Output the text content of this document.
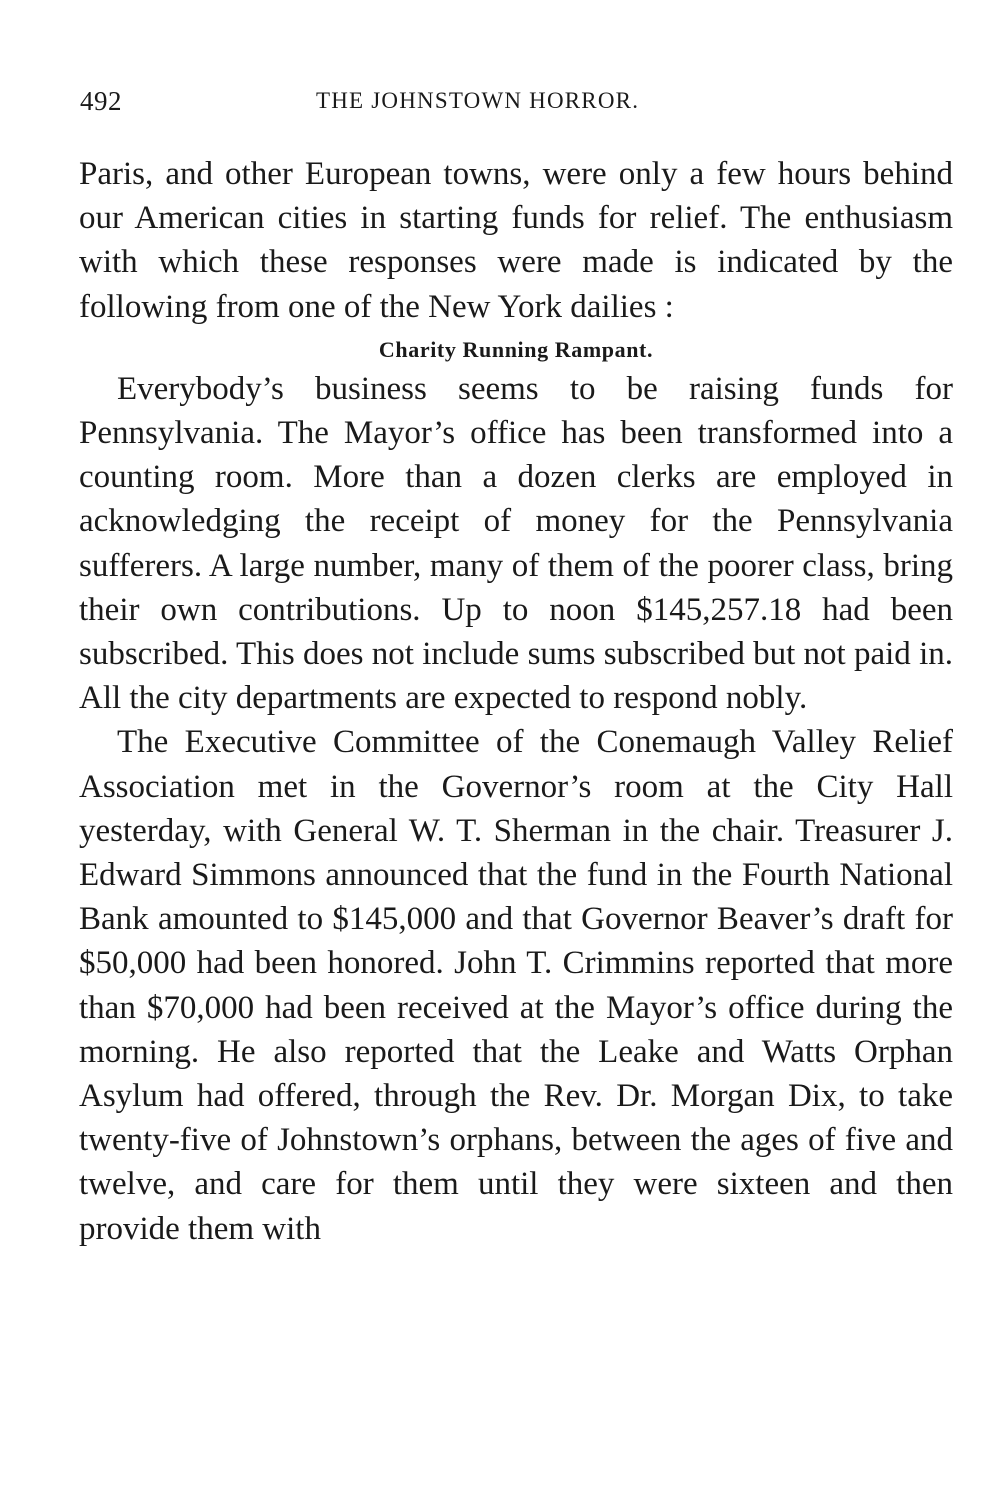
492	THE JOHNSTOWN HORROR.

Paris, and other European towns, were only a few hours behind our American cities in starting funds for relief. The enthusiasm with which these responses were made is indicated by the following from one of the New York dailies :

Charity Running Rampant.

Everybody’s business seems to be raising funds for Pennsylvania. The Mayor’s office has been transformed into a counting room. More than a dozen clerks are employed in acknowledging the receipt of money for the Pennsylvania sufferers. A large number, many of them of the poorer class, bring their own contributions. Up to noon $145,257.18 had been subscribed. This does not include sums subscribed but not paid in. All the city departments are expected to respond nobly.

The Executive Committee of the Conemaugh Valley Relief Association met in the Governor’s room at the City Hall yesterday, with General W. T. Sherman in the chair. Treasurer J. Edward Simmons announced that the fund in the Fourth National Bank amounted to $145,000 and that Governor Beaver’s draft for $50,000 had been honored. John T. Crimmins reported that more than $70,000 had been received at the Mayor’s office during the morning. He also reported that the Leake and Watts Orphan Asylum had offered, through the Rev. Dr. Morgan Dix, to take twenty-five of Johnstown’s orphans, between the ages of five and twelve, and care for them until they were sixteen and then provide them with
